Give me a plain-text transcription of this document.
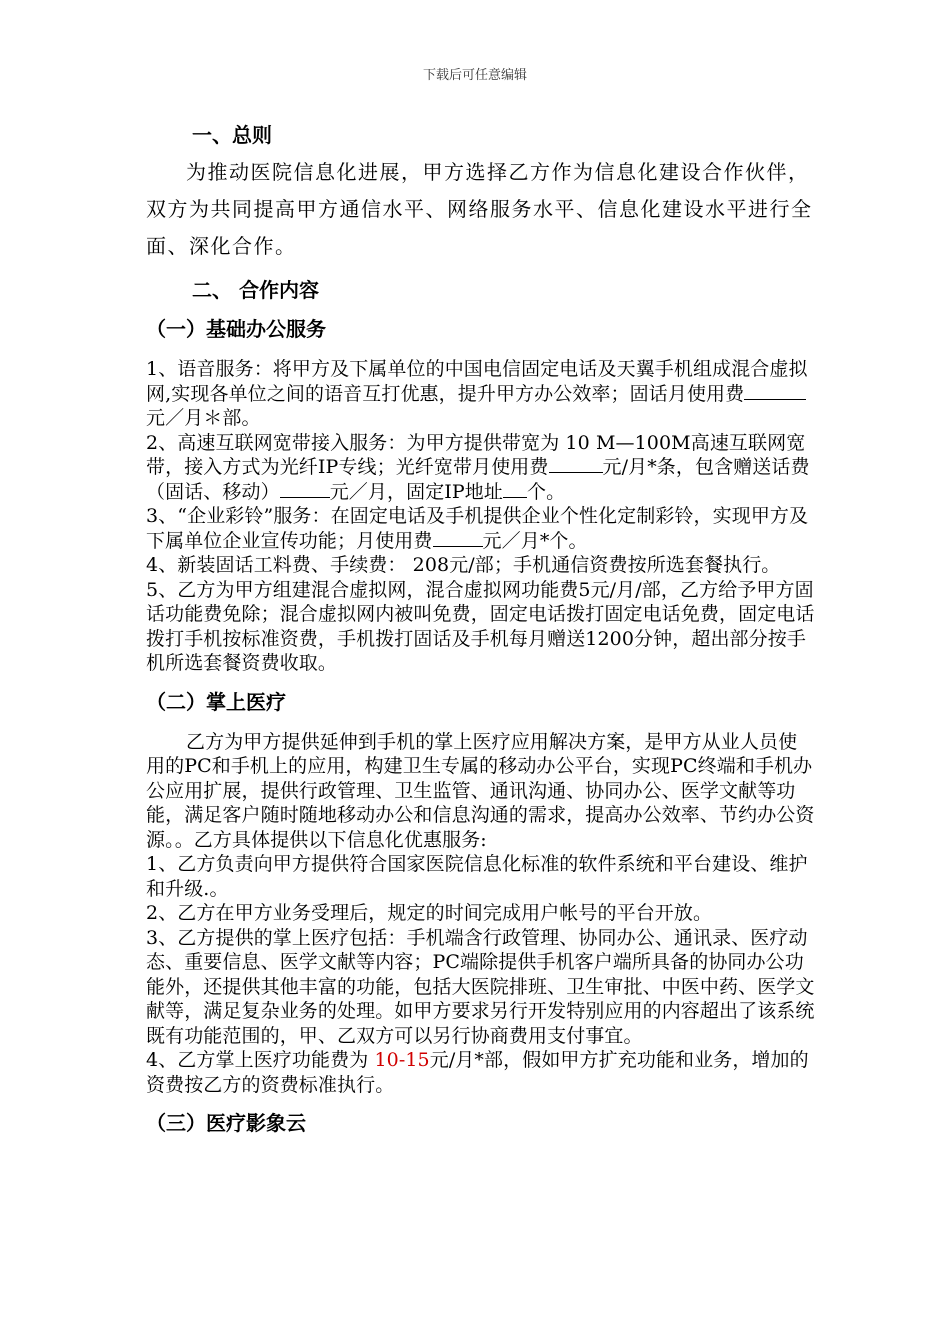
下载后可任意编辑
一、总则

为推动医院信息化进展，甲方选择乙方作为信息化建设合作伙伴，双方为共同提高甲方通信水平、网络服务水平、信息化建设水平进行全面、深化合作。

二、 合作内容
（一）基础办公服务

1、语音服务：将甲方及下属单位的中国电信固定电话及天翼手机组成混合虚拟网,实现各单位之间的语音互打优惠，提升甲方办公效率；固话月使用费元／月＊部。

2、高速互联网宽带接入服务：为甲方提供带宽为 10 M—100M高速互联网宽带，接入方式为光纤IP专线；光纤宽带月使用费	元/月*条，包含赠送话费（固话、移动）	元／月，固定IP地址 个。

3、“企业彩铃”服务：在固定电话及手机提供企业个性化定制彩铃，实现甲方及下属单位企业宣传功能；月使用费	元／月*个。

4、新装固话工料费、手续费： 208元/部；手机通信资费按所选套餐执行。

5、乙方为甲方组建混合虚拟网，混合虚拟网功能费5元/月/部，乙方给予甲方固话功能费免除；混合虚拟网内被叫免费，固定电话拨打固定电话免费，固定电话拨打手机按标准资费，手机拨打固话及手机每月赠送1200分钟，超出部分按手机所选套餐资费收取。

（二）掌上医疗

乙方为甲方提供延伸到手机的掌上医疗应用解决方案，是甲方从业人员使用的PC和手机上的应用，构建卫生专属的移动办公平台，实现PC终端和手机办公应用扩展，提供行政管理、卫生监管、通讯沟通、协同办公、医学文献等功能，满足客户随时随地移动办公和信息沟通的需求，提高办公效率、节约办公资源。。乙方具体提供以下信息化优惠服务:

1、乙方负责向甲方提供符合国家医院信息化标准的软件系统和平台建设、维护和升级.。

2、乙方在甲方业务受理后，规定的时间完成用户帐号的平台开放。

3、乙方提供的掌上医疗包括：手机端含行政管理、协同办公、通讯录、医疗动态、重要信息、医学文献等内容；PC端除提供手机客户端所具备的协同办公功能外，还提供其他丰富的功能，包括大医院排班、卫生审批、中医中药、医学文献等，满足复杂业务的处理。如甲方要求另行开发特别应用的内容超出了该系统既有功能范围的，甲、乙双方可以另行协商费用支付事宜。

4、乙方掌上医疗功能费为 10-15元/月*部，假如甲方扩充功能和业务，增加的资费按乙方的资费标准执行。

（三）医疗影象云
